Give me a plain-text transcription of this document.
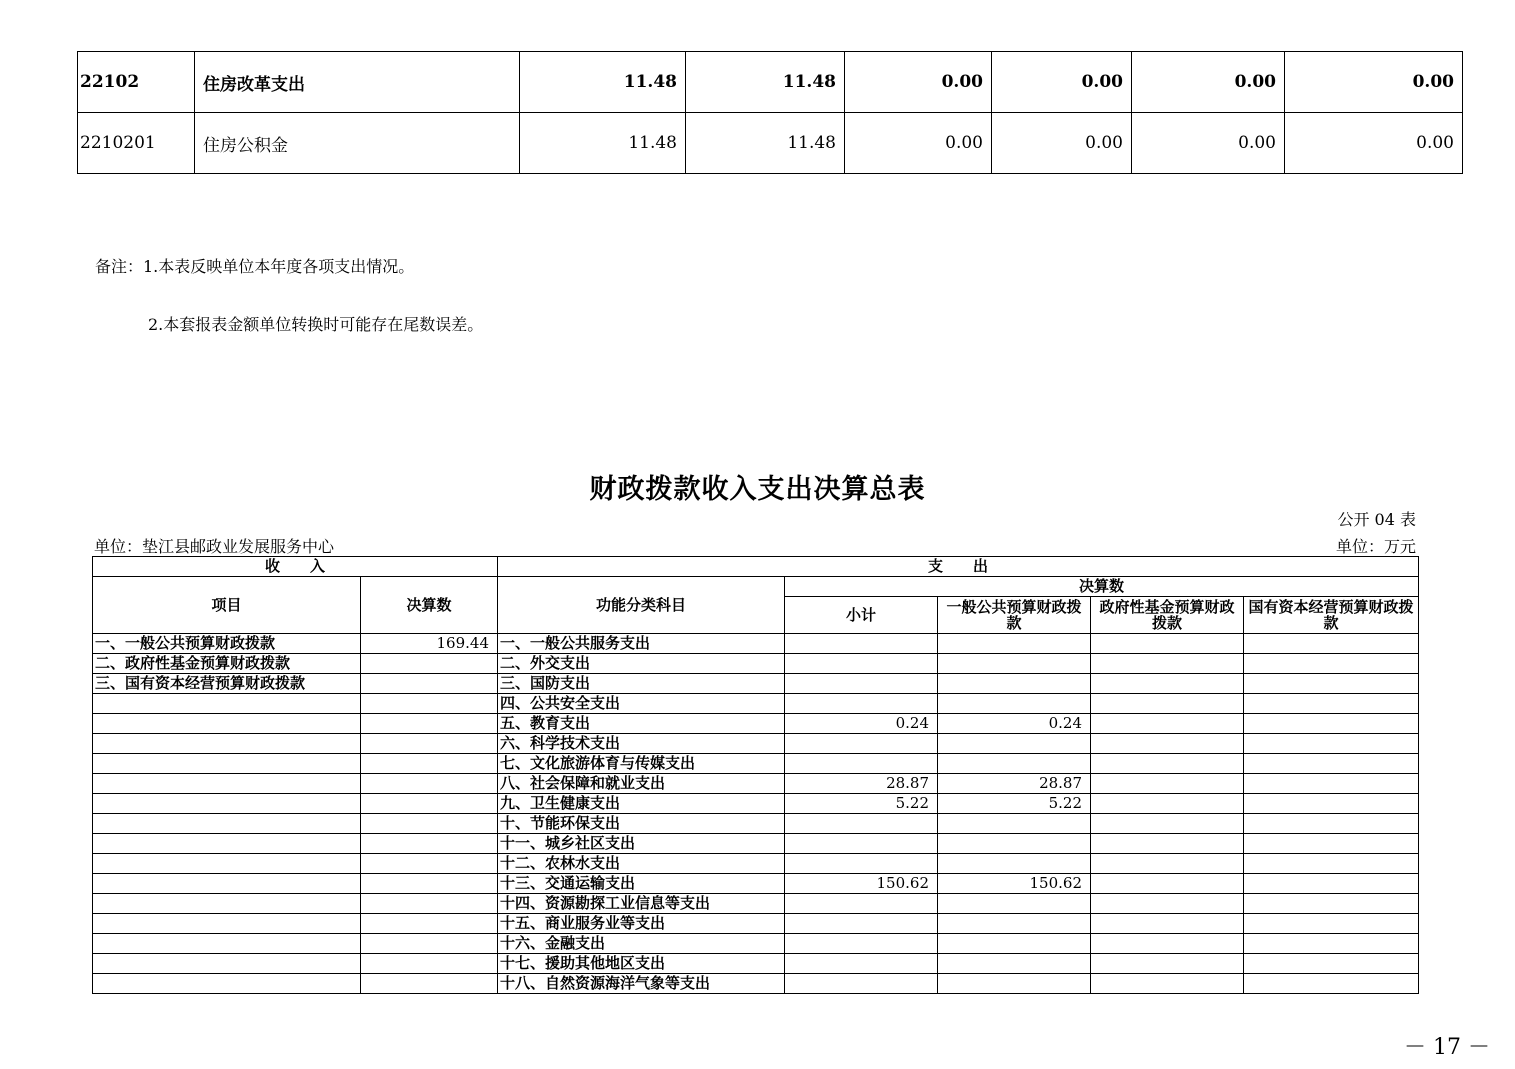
22102	住房改革支出	11.48	11.48	0.00	0.00	0.00	0.00
2210201	住房公积金	11.48	11.48	0.00	0.00	0.00	0.00
备注：1.本表反映单位本年度各项支出情况。
2.本套报表金额单位转换时可能存在尾数误差。
财政拨款收入支出决算总表
公开 04 表
单位：垫江县邮政业发展服务中心	单位：万元
收　　入		支　　出				
项目	决算数	功能分类科目	决算数			
			小计	一般公共预算财政拨款	政府性基金预算财政拨款	国有资本经营预算财政拨款
一、一般公共预算财政拨款	169.44	一、一般公共服务支出				
二、政府性基金预算财政拨款		二、外交支出				
三、国有资本经营预算财政拨款		三、国防支出				
		四、公共安全支出				
		五、教育支出	0.24	0.24		
		六、科学技术支出				
		七、文化旅游体育与传媒支出				
		八、社会保障和就业支出	28.87	28.87		
		九、卫生健康支出	5.22	5.22		
		十、节能环保支出				
		十一、城乡社区支出				
		十二、农林水支出				
		十三、交通运输支出	150.62	150.62		
		十四、资源勘探工业信息等支出				
		十五、商业服务业等支出				
		十六、金融支出				
		十七、援助其他地区支出				
		十八、自然资源海洋气象等支出				
－ 17 －
